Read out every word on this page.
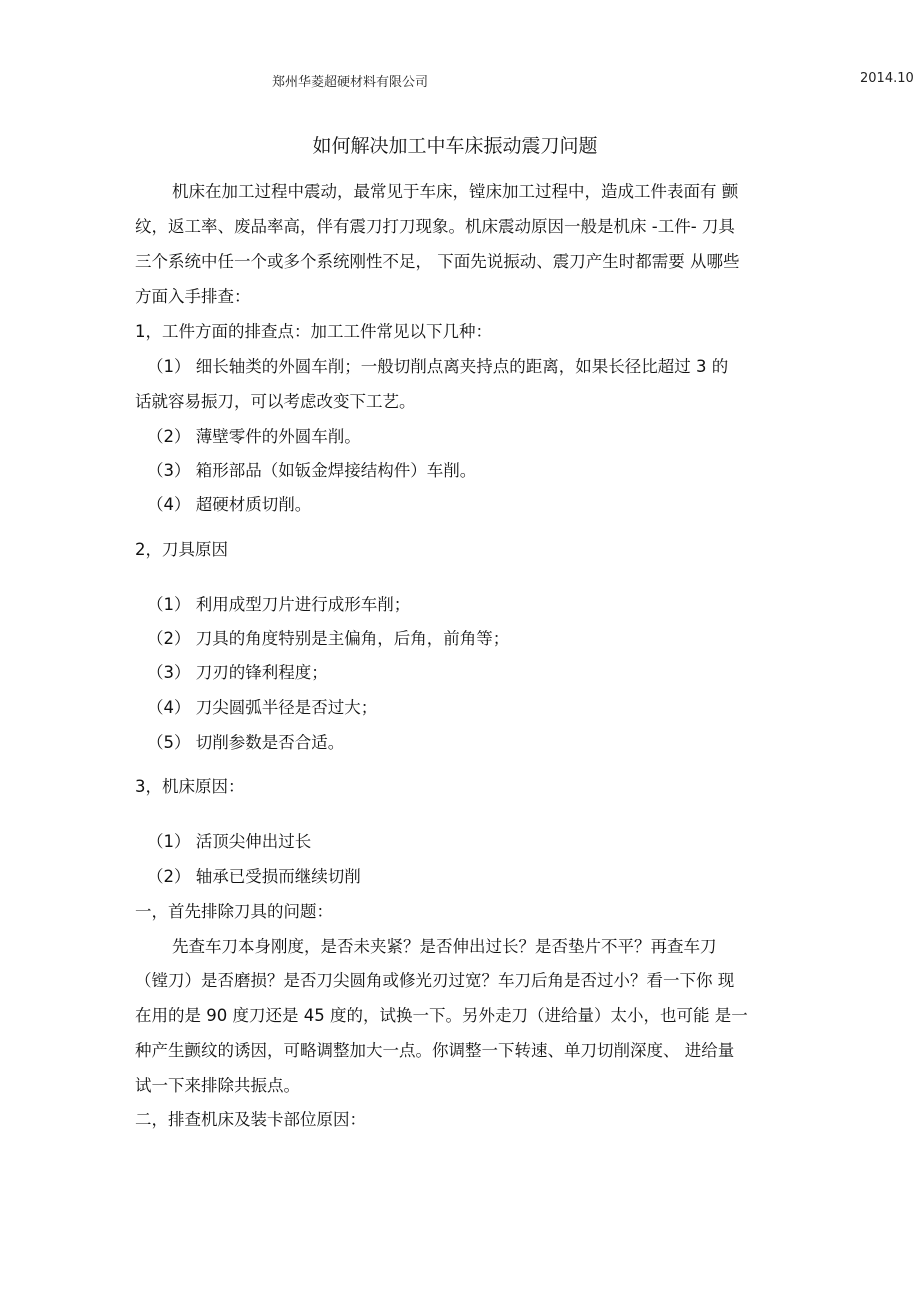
郑州华菱超硬材料有限公司	2014.10
如何解决加工中车床振动震刀问题
机床在加工过程中震动，最常见于车床，镗床加工过程中，造成工件表面有 颤
纹，返工率、废品率高，伴有震刀打刀现象。机床震动原因一般是机床 -工件- 刀具
三个系统中任一个或多个系统刚性不足， 下面先说振动、震刀产生时都需要 从哪些
方面入手排查：
1，工件方面的排查点：加工工件常见以下几种：
（1） 细长轴类的外圆车削；一般切削点离夹持点的距离，如果长径比超过 3 的
话就容易振刀，可以考虑改变下工艺。
（2） 薄壁零件的外圆车削。
（3） 箱形部品（如钣金焊接结构件）车削。
（4） 超硬材质切削。
2，刀具原因
（1） 利用成型刀片进行成形车削；
（2） 刀具的角度特别是主偏角，后角，前角等；
（3） 刀刃的锋利程度；
（4） 刀尖圆弧半径是否过大；
（5） 切削参数是否合适。
3，机床原因：
（1） 活顶尖伸出过长
（2） 轴承已受损而继续切削
一，首先排除刀具的问题：
先查车刀本身刚度，是否未夹紧？是否伸出过长？是否垫片不平？再查车刀
（镗刀）是否磨损？是否刀尖圆角或修光刃过宽？车刀后角是否过小？看一下你 现
在用的是 90 度刀还是 45 度的，试换一下。另外走刀（进给量）太小，也可能 是一
种产生颤纹的诱因，可略调整加大一点。你调整一下转速、单刀切削深度、 进给量
试一下来排除共振点。
二，排查机床及装卡部位原因：
